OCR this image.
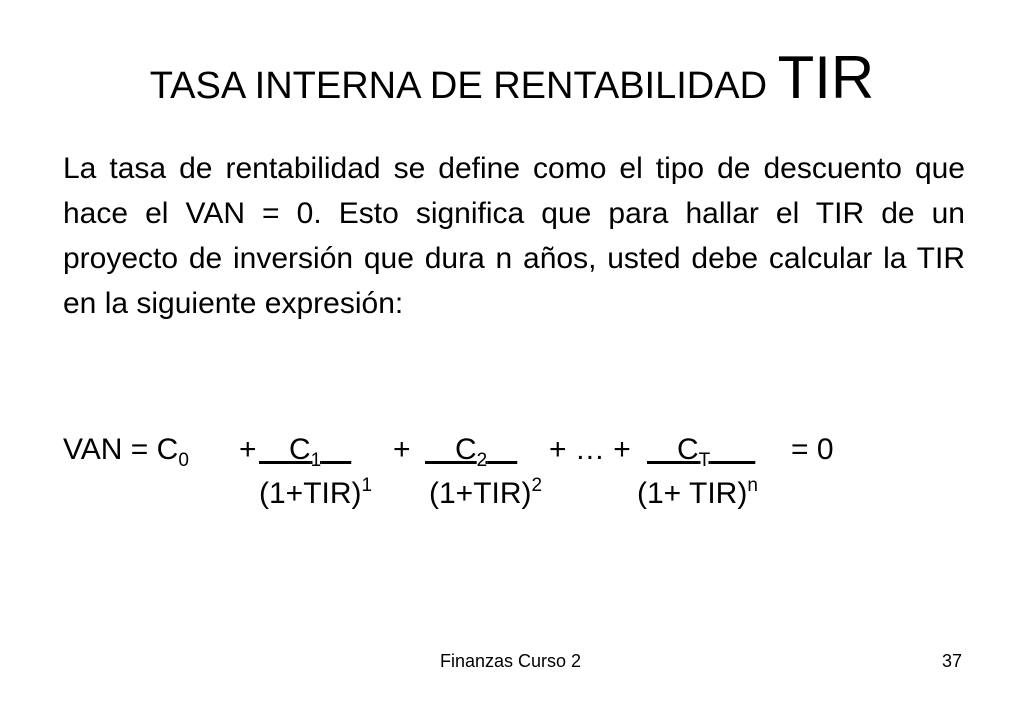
TASA INTERNA DE RENTABILIDAD TIR

La tasa de rentabilidad se define como el tipo de descuento que hace el VAN = 0. Esto significa que para hallar el TIR de un proyecto de inversión que dura n años, usted debe calcular la TIR en la siguiente expresión:

VAN = $C_0$ +
  	$C_1$  	+
  	$C_2$  	+ … +
  	$C_T$   	= 0
$(1+TIR)^1$ $(1+TIR)^2$	(1+ TIR)$^n$
Finanzas Curso 2	37
